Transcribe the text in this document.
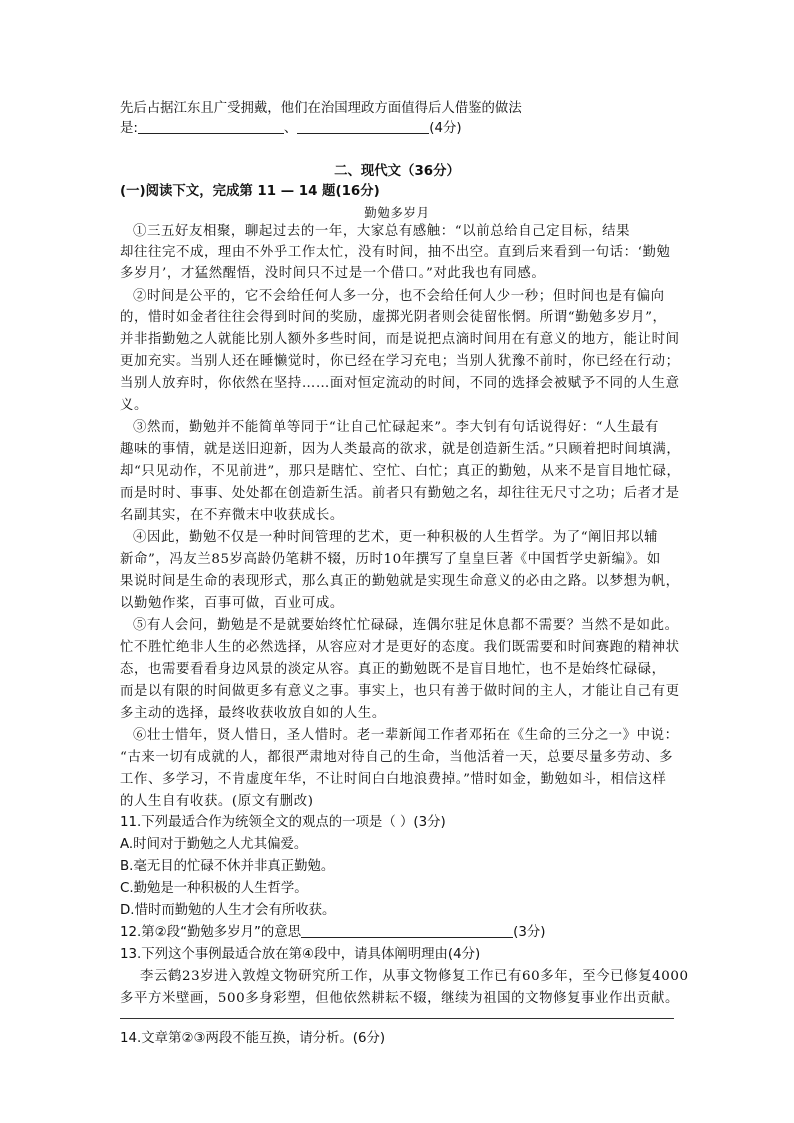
先后占据江东且广受拥戴，他们在治国理政方面值得后人借鉴的做法
是:	、	(4分)
二、现代文（36分）
(一)阅读下文，完成第 11 — 14 题(16分)
勤勉多岁月
①三五好友相聚，聊起过去的一年，大家总有感触：“以前总给自己定目标，结果
却往往完不成，理由不外乎工作太忙，没有时间，抽不出空。直到后来看到一句话：‘勤勉
多岁月’，才猛然醒悟，没时间只不过是一个借口。”对此我也有同感。
②时间是公平的，它不会给任何人多一分，也不会给任何人少一秒；但时间也是有偏向
的，惜时如金者往往会得到时间的奖励，虚掷光阴者则会徒留怅惘。所谓“勤勉多岁月”，
并非指勤勉之人就能比别人额外多些时间，而是说把点滴时间用在有意义的地方，能让时间
更加充实。当别人还在睡懒觉时，你已经在学习充电；当别人犹豫不前时，你已经在行动；
当别人放弃时，你依然在坚持……面对恒定流动的时间，不同的选择会被赋予不同的人生意
义。
③然而，勤勉并不能简单等同于“让自己忙碌起来”。李大钊有句话说得好：“人生最有
趣味的事情，就是送旧迎新，因为人类最高的欲求，就是创造新生活。”只顾着把时间填满，
却“只见动作，不见前进”，那只是瞎忙、空忙、白忙；真正的勤勉，从来不是盲目地忙碌，
而是时时、事事、处处都在创造新生活。前者只有勤勉之名，却往往无尺寸之功；后者才是
名副其实，在不弃微末中收获成长。
④因此，勤勉不仅是一种时间管理的艺术，更一种积极的人生哲学。为了“阐旧邦以辅
新命”，冯友兰85岁高龄仍笔耕不辍，历时10年撰写了皇皇巨著《中国哲学史新编》。如
果说时间是生命的表现形式，那么真正的勤勉就是实现生命意义的必由之路。以梦想为帆，
以勤勉作桨，百事可做，百业可成。
⑤有人会问，勤勉是不是就要始终忙忙碌碌，连偶尔驻足休息都不需要？当然不是如此。
忙不胜忙绝非人生的必然选择，从容应对才是更好的态度。我们既需要和时间赛跑的精神状
态，也需要看看身边风景的淡定从容。真正的勤勉既不是盲目地忙，也不是始终忙碌碌，
而是以有限的时间做更多有意义之事。事实上，也只有善于做时间的主人，才能让自己有更
多主动的选择，最终收获收放自如的人生。
⑥壮士惜年，贤人惜日，圣人惜时。老一辈新闻工作者邓拓在《生命的三分之一》中说：
“古来一切有成就的人，都很严肃地对待自己的生命，当他活着一天，总要尽量多劳动、多
工作、多学习，不肯虚度年华，不让时间白白地浪费掉。”惜时如金，勤勉如斗，相信这样
的人生自有收获。(原文有删改)
11.下列最适合作为统领全文的观点的一项是（ ）(3分)
A.时间对于勤勉之人尤其偏爱。
B.毫无目的忙碌不休并非真正勤勉。
C.勤勉是一种积极的人生哲学。
D.惜时而勤勉的人生才会有所收获。
12.第②段“勤勉多岁月”的意思	(3分)
13.下列这个事例最适合放在第④段中，请具体阐明理由(4分)
李云鹤23岁进入敦煌文物研究所工作，从事文物修复工作已有60多年，至今已修复4000
多平方米壁画，500多身彩塑，但他依然耕耘不辍，继续为祖国的文物修复事业作出贡献。
14.文章第②③两段不能互换，请分析。(6分)
